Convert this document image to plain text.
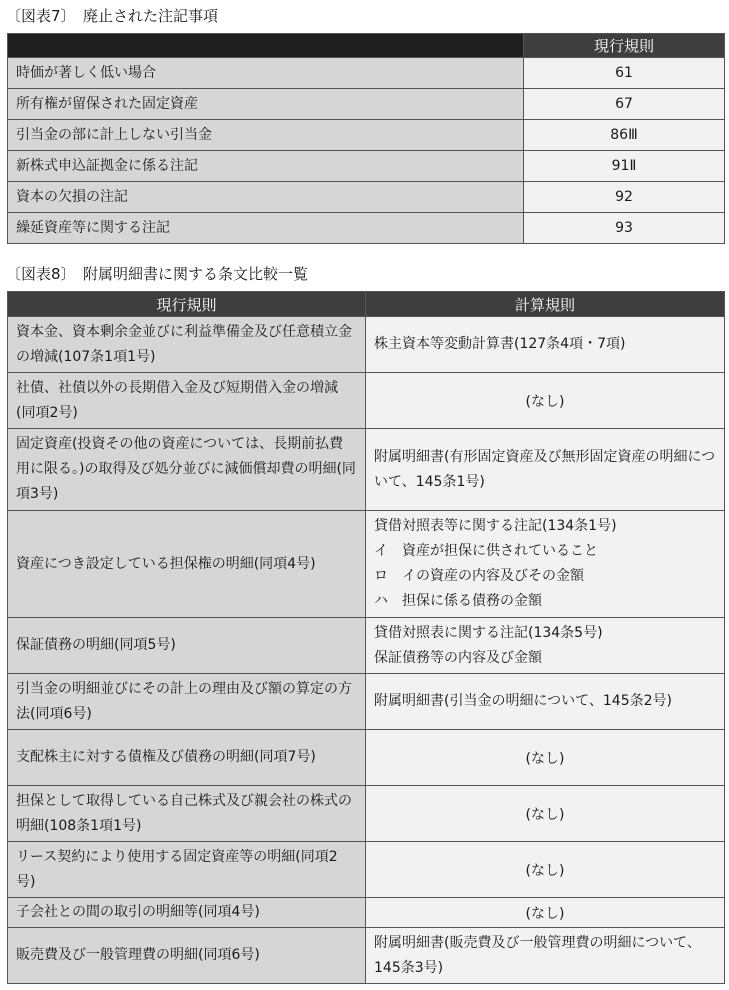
〔図表7〕　廃止された注記事項
	現行規則
時価が著しく低い場合	61
所有権が留保された固定資産	67
引当金の部に計上しない引当金	86Ⅲ
新株式申込証拠金に係る注記	91Ⅱ
資本の欠損の注記	92
繰延資産等に関する注記	93
〔図表8〕　附属明細書に関する条文比較一覧
現行規則	計算規則
資本金、資本剰余金並びに利益準備金及び任意積立金の増減(107条1項1号)	株主資本等変動計算書(127条4項・7項)

社債、社債以外の長期借入金及び短期借入金の増減(同項2号)	(なし)

固定資産(投資その他の資産については、長期前払費用に限る。)の取得及び処分並びに減価償却費の明細(同項3号)	附属明細書(有形固定資産及び無形固定資産の明細について、145条1号)

資産につき設定している担保権の明細(同項4号)	貸借対照表等に関する注記(134条1号)
イ　資産が担保に供されていること
ロ　イの資産の内容及びその金額
ハ　担保に係る債務の金額

保証債務の明細(同項5号)	貸借対照表に関する注記(134条5号)
保証債務等の内容及び金額

引当金の明細並びにその計上の理由及び額の算定の方法(同項6号)	附属明細書(引当金の明細について、145条2号)

支配株主に対する債権及び債務の明細(同項7号)	(なし)

担保として取得している自己株式及び親会社の株式の明細(108条1項1号)	(なし)

リース契約により使用する固定資産等の明細(同項2号)	(なし)

子会社との間の取引の明細等(同項4号)	(なし)

販売費及び一般管理費の明細(同項6号)	附属明細書(販売費及び一般管理費の明細について、145条3号)
